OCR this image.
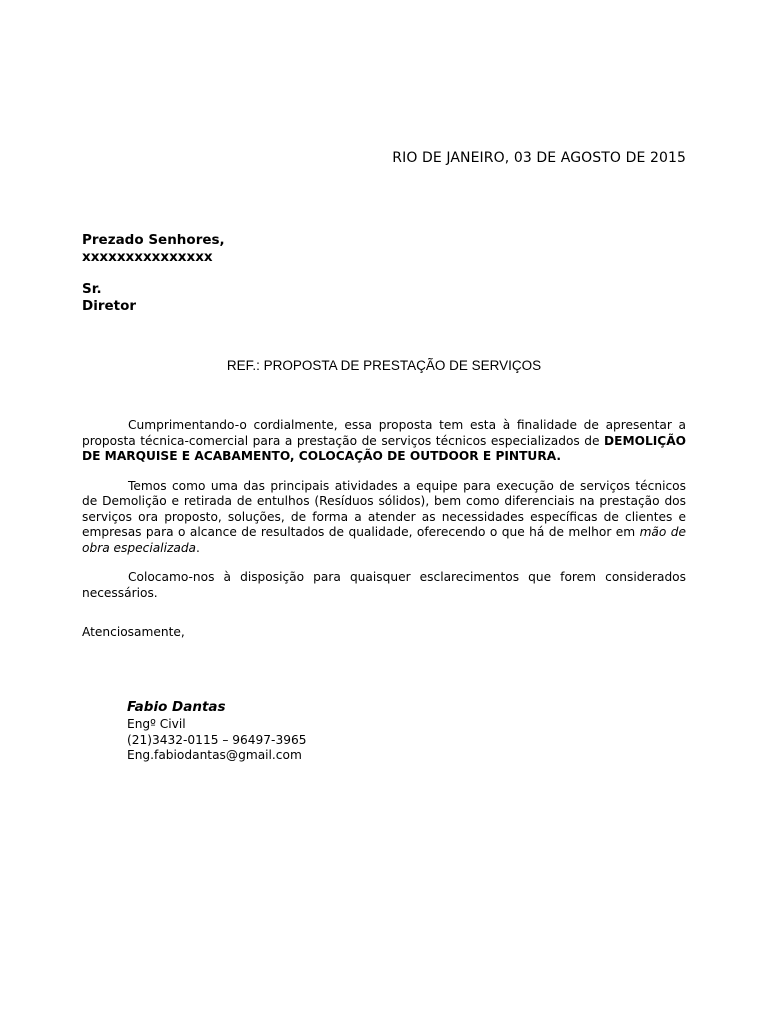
RIO DE JANEIRO, 03 DE AGOSTO DE 2015
Prezado Senhores,
xxxxxxxxxxxxxxx
Sr.
Diretor
REF.: PROPOSTA DE PRESTAÇÃO DE SERVIÇOS

Cumprimentando-o cordialmente, essa proposta tem esta à finalidade de apresentar a proposta técnica-comercial para a prestação de serviços técnicos especializados de DEMOLIÇÃO DE MARQUISE E ACABAMENTO, COLOCAÇÃO DE OUTDOOR E PINTURA.

Temos como uma das principais atividades a equipe para execução de serviços técnicos de Demolição e retirada de entulhos (Resíduos sólidos), bem como diferenciais na prestação dos serviços ora proposto, soluções, de forma a atender as necessidades específicas de clientes e empresas para o alcance de resultados de qualidade, oferecendo o que há de melhor em mão de obra especializada.

Colocamo-nos à disposição para quaisquer esclarecimentos que forem considerados necessários.

Atenciosamente,
Fabio Dantas
Engº Civil
(21)3432-0115 – 96497-3965
Eng.fabiodantas@gmail.com
